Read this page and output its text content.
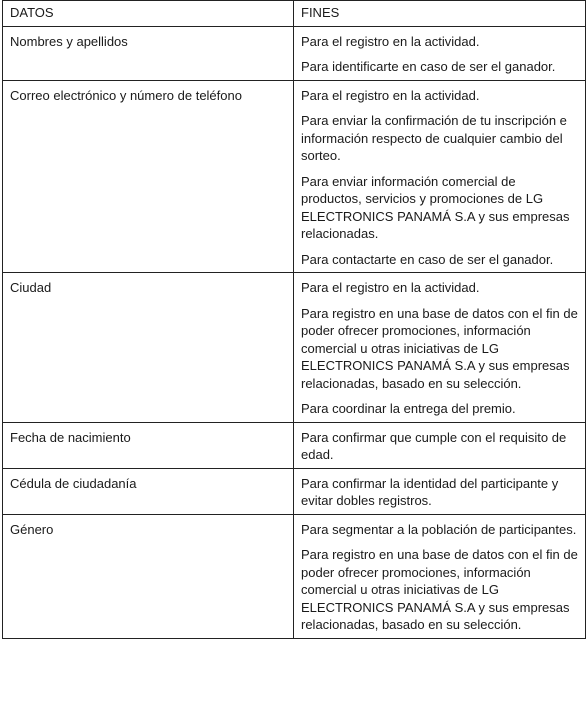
DATOS	FINES
Nombres y apellidos	Para el registro en la actividad.

Para identificarte en caso de ser el ganador.

Correo electrónico y número de teléfono	Para el registro en la actividad.

Para enviar la confirmación de tu inscripción e información respecto de cualquier cambio del sorteo.

Para enviar información comercial de productos, servicios y promociones de LG ELECTRONICS PANAMÁ S.A y sus empresas relacionadas.

Para contactarte en caso de ser el ganador.

Ciudad	Para el registro en la actividad.

Para registro en una base de datos con el fin de poder ofrecer promociones, información comercial u otras iniciativas de LG ELECTRONICS PANAMÁ S.A y sus empresas relacionadas, basado en su selección.

Para coordinar la entrega del premio.

Fecha de nacimiento	Para confirmar que cumple con el requisito de edad.

Cédula de ciudadanía	Para confirmar la identidad del participante y evitar dobles registros.

Género	Para segmentar a la población de participantes.

Para registro en una base de datos con el fin de poder ofrecer promociones, información comercial u otras iniciativas de LG ELECTRONICS PANAMÁ S.A y sus empresas relacionadas, basado en su selección.
